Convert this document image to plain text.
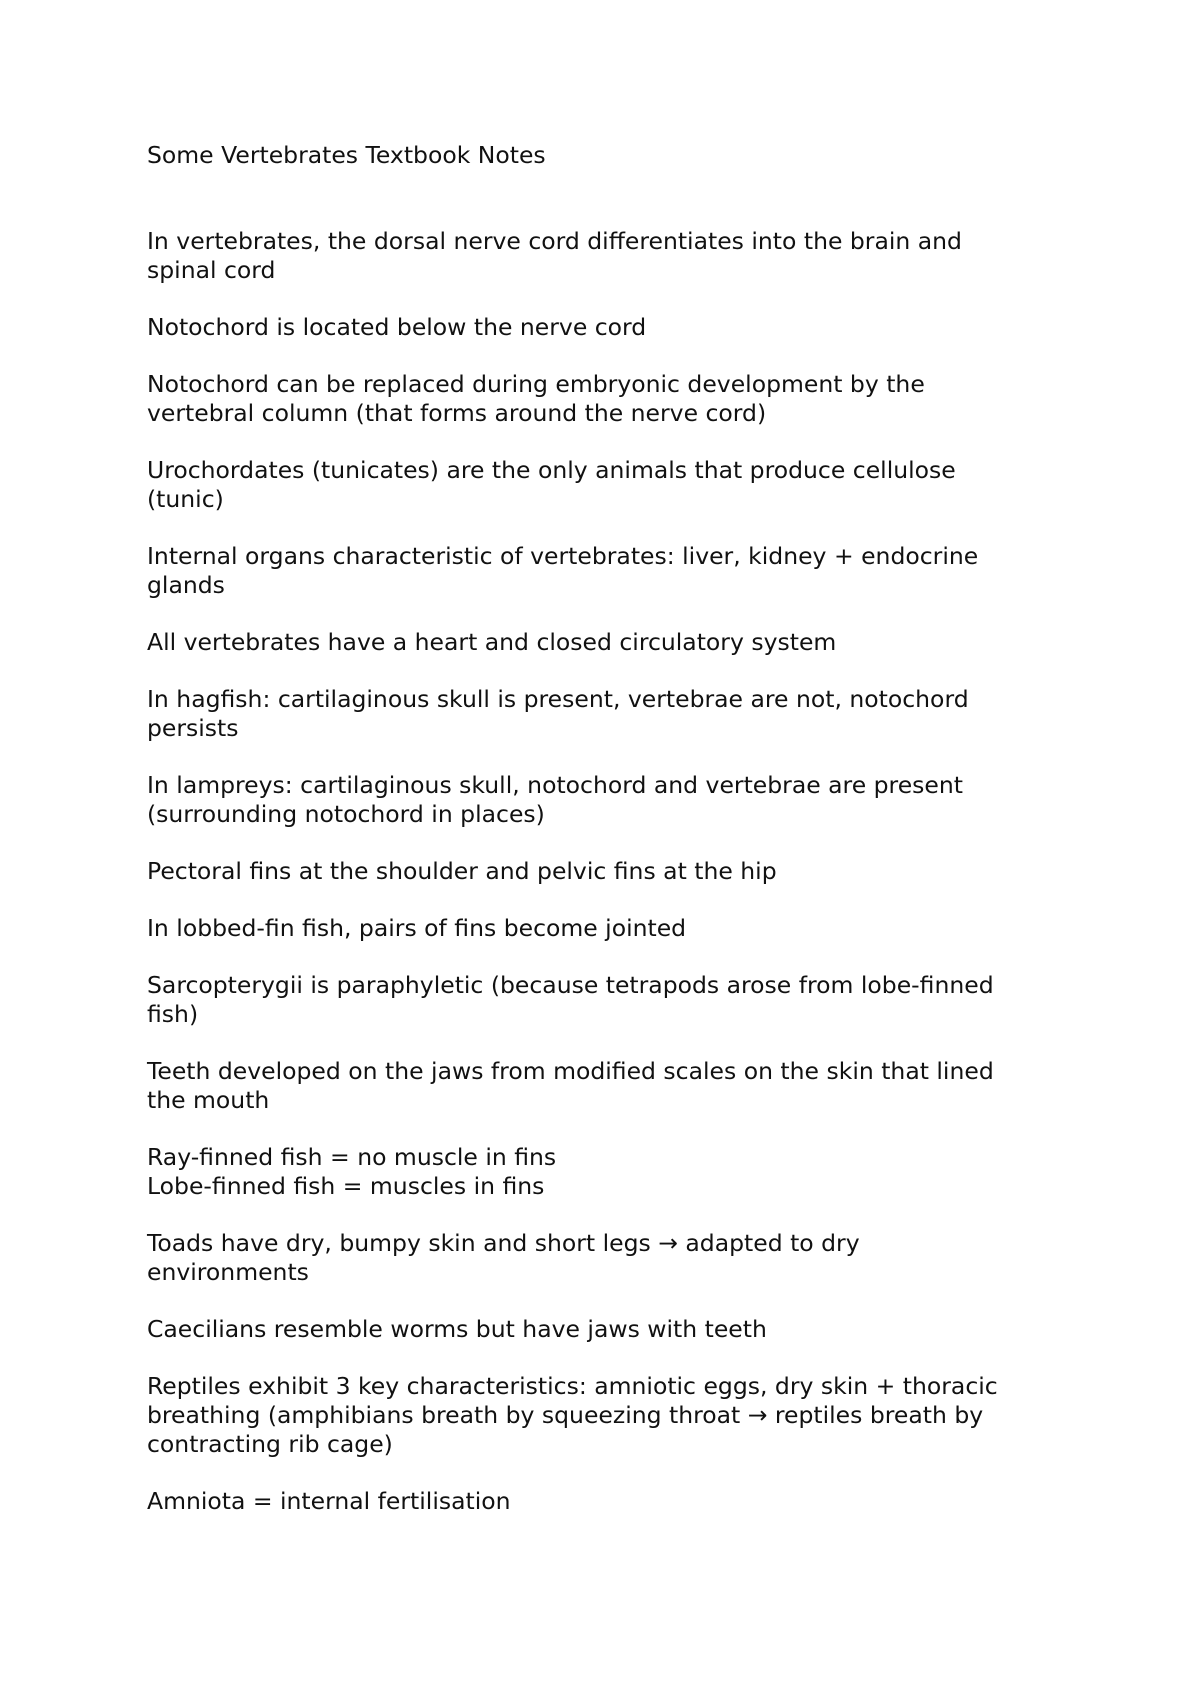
Some Vertebrates Textbook Notes
In vertebrates, the dorsal nerve cord differentiates into the brain and
spinal cord
Notochord is located below the nerve cord
Notochord can be replaced during embryonic development by the
vertebral column (that forms around the nerve cord)
Urochordates (tunicates) are the only animals that produce cellulose
(tunic)
Internal organs characteristic of vertebrates: liver, kidney + endocrine
glands
All vertebrates have a heart and closed circulatory system
In hagfish: cartilaginous skull is present, vertebrae are not, notochord
persists
In lampreys: cartilaginous skull, notochord and vertebrae are present
(surrounding notochord in places)
Pectoral fins at the shoulder and pelvic fins at the hip
In lobbed-fin fish, pairs of fins become jointed
Sarcopterygii is paraphyletic (because tetrapods arose from lobe-finned
fish)
Teeth developed on the jaws from modified scales on the skin that lined
the mouth
Ray-finned fish = no muscle in fins
Lobe-finned fish = muscles in fins
Toads have dry, bumpy skin and short legs → adapted to dry
environments
Caecilians resemble worms but have jaws with teeth
Reptiles exhibit 3 key characteristics: amniotic eggs, dry skin + thoracic
breathing (amphibians breath by squeezing throat → reptiles breath by
contracting rib cage)
Amniota = internal fertilisation
